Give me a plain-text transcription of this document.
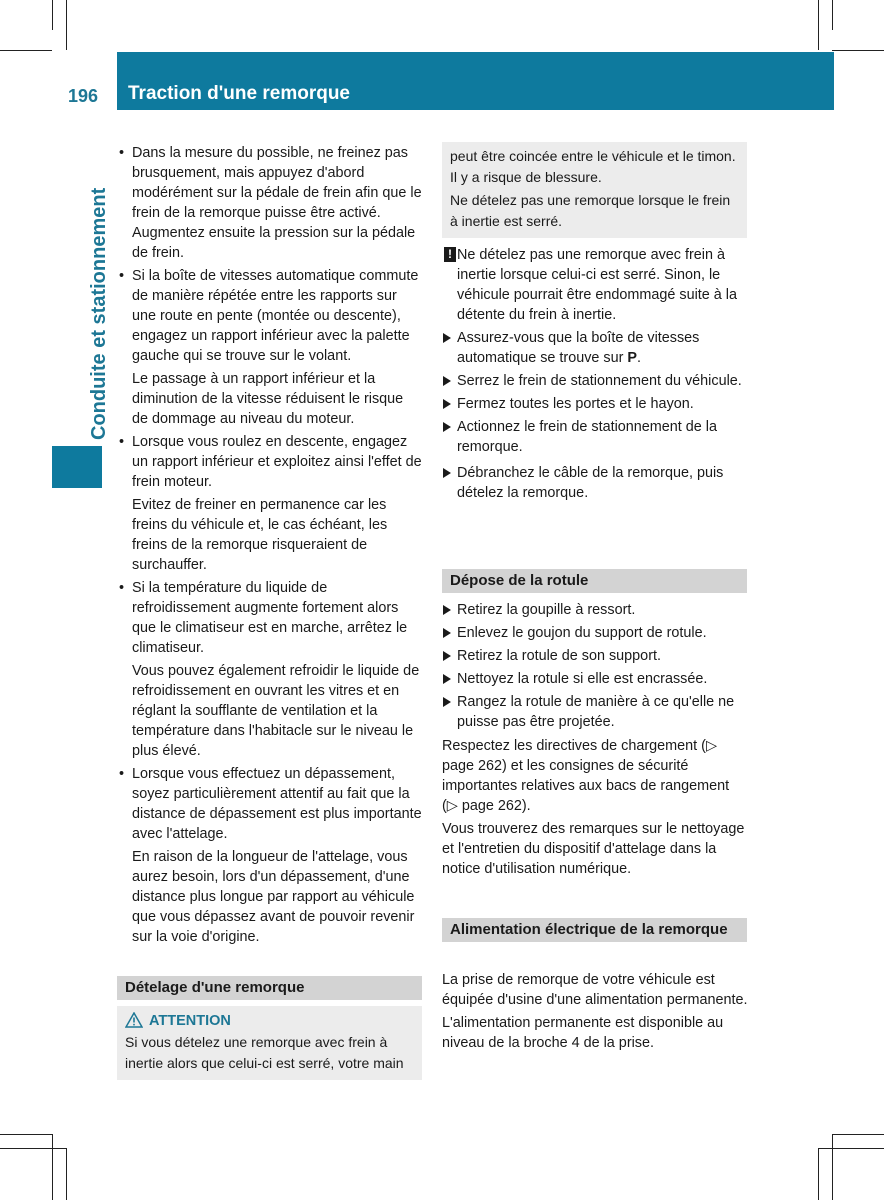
196	Traction d'une remorque
Conduite et stationnement
• Dans la mesure du possible, ne freinez pas brusquement, mais appuyez d'abord modérément sur la pédale de frein afin que le frein de la remorque puisse être activé. Augmentez ensuite la pression sur la pédale de frein.
• Si la boîte de vitesses automatique commute de manière répétée entre les rapports sur une route en pente (montée ou descente), engagez un rapport inférieur avec la palette gauche qui se trouve sur le volant.
Le passage à un rapport inférieur et la diminution de la vitesse réduisent le risque de dommage au niveau du moteur.
• Lorsque vous roulez en descente, engagez un rapport inférieur et exploitez ainsi l'effet de frein moteur.
Evitez de freiner en permanence car les freins du véhicule et, le cas échéant, les freins de la remorque risqueraient de surchauffer.
• Si la température du liquide de refroidissement augmente fortement alors que le climatiseur est en marche, arrêtez le climatiseur.
Vous pouvez également refroidir le liquide de refroidissement en ouvrant les vitres et en réglant la soufflante de ventilation et la température dans l'habitacle sur le niveau le plus élevé.
• Lorsque vous effectuez un dépassement, soyez particulièrement attentif au fait que la distance de dépassement est plus importante avec l'attelage.
En raison de la longueur de l'attelage, vous aurez besoin, lors d'un dépassement, d'une distance plus longue par rapport au véhicule que vous dépassez avant de pouvoir revenir sur la voie d'origine.
Dételage d'une remorque
ATTENTION
Si vous dételez une remorque avec frein à inertie alors que celui-ci est serré, votre main
peut être coincée entre le véhicule et le timon. Il y a risque de blessure.
Ne dételez pas une remorque lorsque le frein à inertie est serré.
! Ne dételez pas une remorque avec frein à inertie lorsque celui-ci est serré. Sinon, le véhicule pourrait être endommagé suite à la détente du frein à inertie.
Assurez-vous que la boîte de vitesses automatique se trouve sur P.
Serrez le frein de stationnement du véhicule.
Fermez toutes les portes et le hayon.
Actionnez le frein de stationnement de la remorque.
Débranchez le câble de la remorque, puis dételez la remorque.
Dépose de la rotule
Retirez la goupille à ressort.
Enlevez le goujon du support de rotule.
Retirez la rotule de son support.
Nettoyez la rotule si elle est encrassée.
Rangez la rotule de manière à ce qu'elle ne puisse pas être projetée.

Respectez les directives de chargement (▷ page 262) et les consignes de sécurité importantes relatives aux bacs de rangement (▷ page 262).

Vous trouverez des remarques sur le nettoyage et l'entretien du dispositif d'attelage dans la notice d'utilisation numérique.

Alimentation électrique de la remorque

La prise de remorque de votre véhicule est équipée d'usine d'une alimentation permanente.

L'alimentation permanente est disponible au niveau de la broche 4 de la prise.
